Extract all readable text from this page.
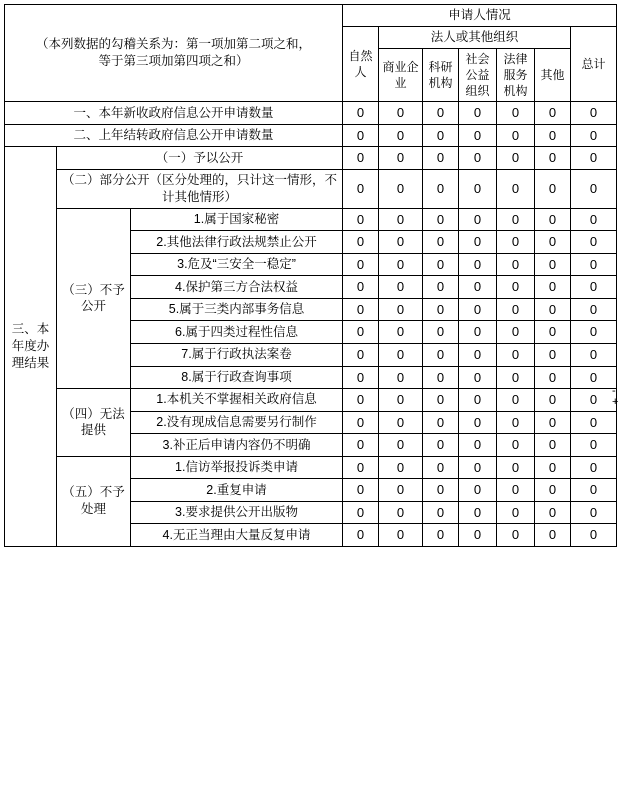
（本列数据的勾稽关系为：第一项加第二项之和，
等于第三项加第四项之和）			申请人情况						
			自然人	法人或其他组织					总计
				商业企业	科研机构	社会公益组织	法律服务机构	其他	
一、本年新收政府信息公开申请数量			0	0	0	0	0	0	0
二、上年结转政府信息公开申请数量			0	0	0	0	0	0	0
三、本年度办理结果	（一）予以公开		0	0	0	0	0	0	0
	（二）部分公开（区分处理的，只计这一情形，不计其他情形）		0	0	0	0	0	0	0
	（三）不予公开	1.属于国家秘密	0	0	0	0	0	0	0
		2.其他法律行政法规禁止公开	0	0	0	0	0	0	0
		3.危及“三安全一稳定”	0	0	0	0	0	0	0
		4.保护第三方合法权益	0	0	0	0	0	0	0
		5.属于三类内部事务信息	0	0	0	0	0	0	0
		6.属于四类过程性信息	0	0	0	0	0	0	0
		7.属于行政执法案卷	0	0	0	0	0	0	0
		8.属于行政查询事项	0	0	0	0	0	0	0
	（四）无法提供	1.本机关不掌握相关政府信息	0	0	0	0	0	0	0
		2.没有现成信息需要另行制作	0	0	0	0	0	0	0
		3.补正后申请内容仍不明确	0	0	0	0	0	0	0
	（五）不予处理	1.信访举报投诉类申请	0	0	0	0	0	0	0
		2.重复申请	0	0	0	0	0	0	0
		3.要求提供公开出版物	0	0	0	0	0	0	0
		4.无正当理由大量反复申请	0	0	0	0	0	0	0
-
+
